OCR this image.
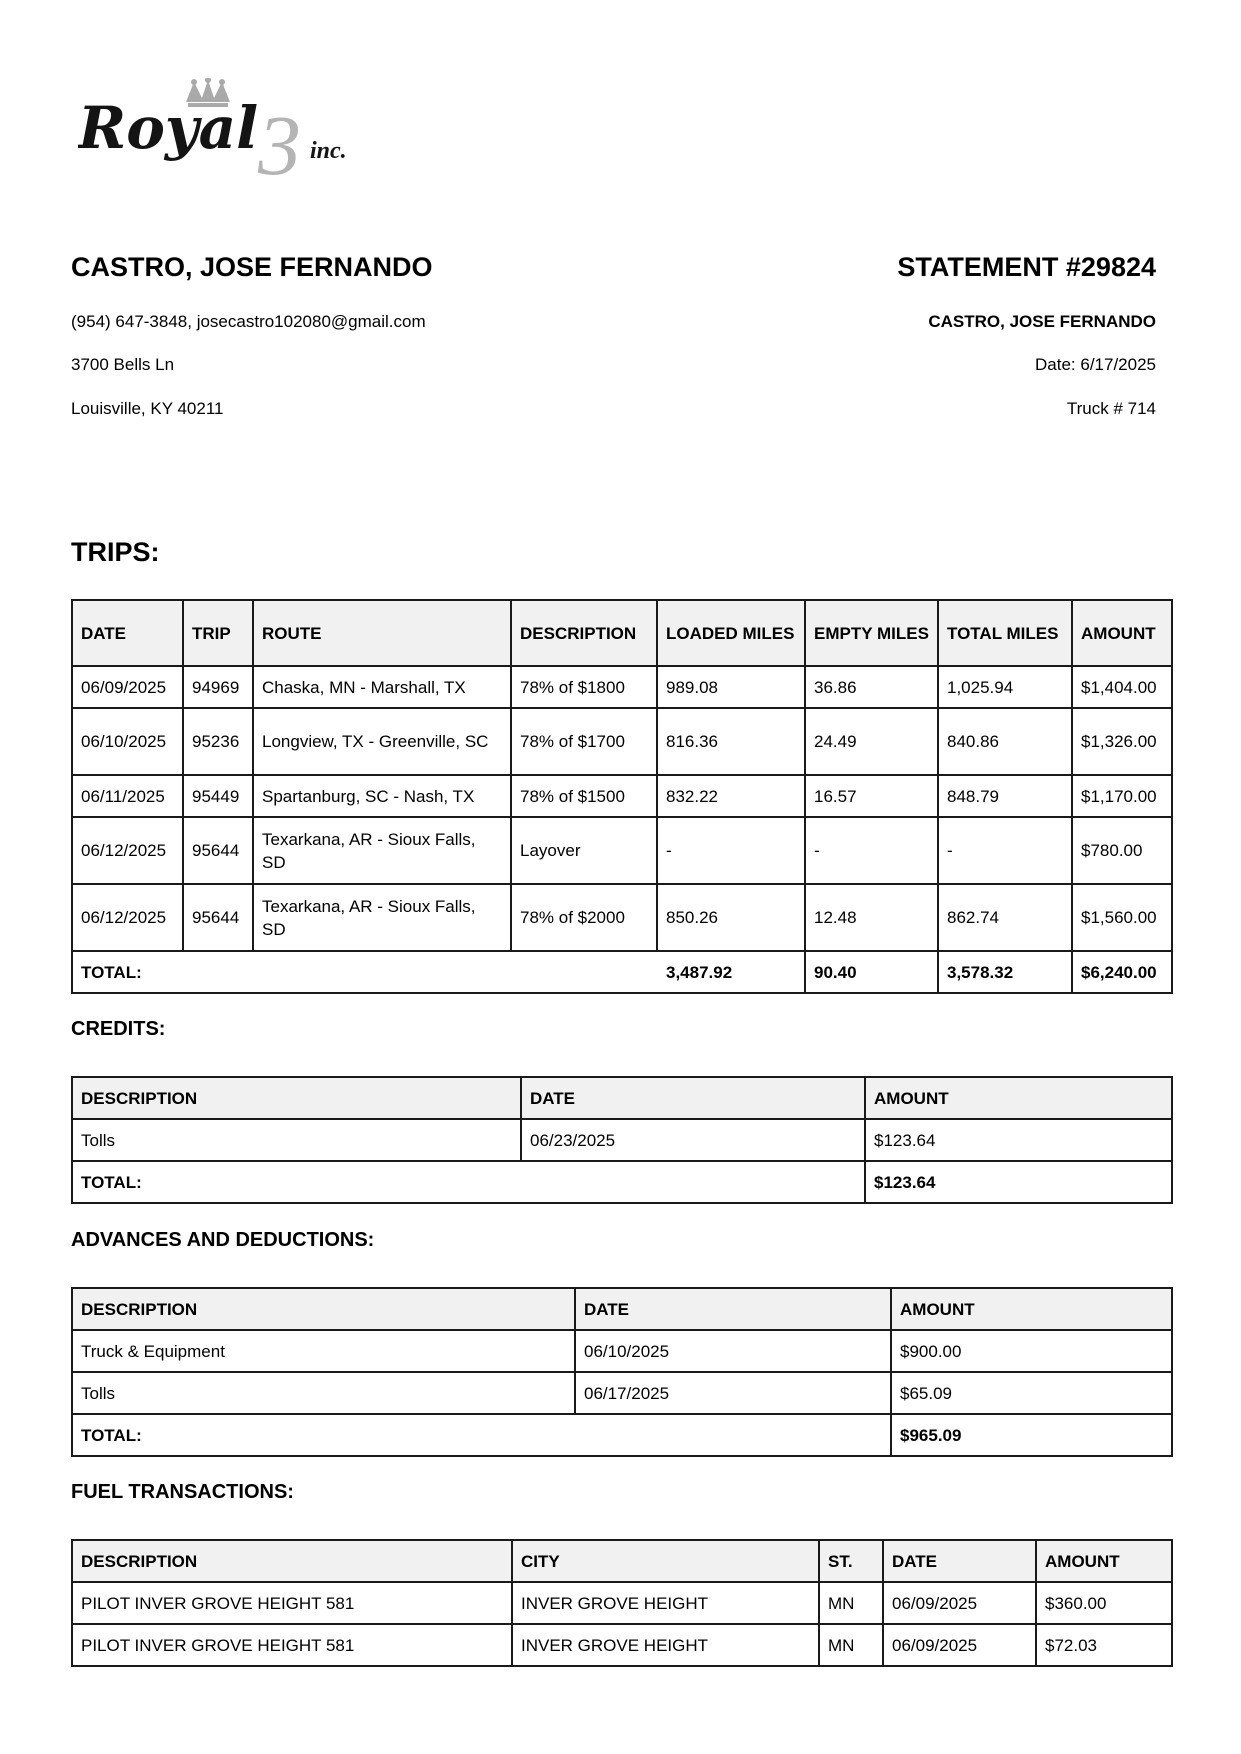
3
Royal inc.
CASTRO, JOSE FERNANDO
(954) 647-3848, josecastro102080@gmail.com
3700 Bells Ln
Louisville, KY 40211
STATEMENT #29824
CASTRO, JOSE FERNANDO
Date: 6/17/2025
Truck # 714
TRIPS:
DATE	TRIP	ROUTE	DESCRIPTION	LOADED MILES	EMPTY MILES	TOTAL MILES	AMOUNT
06/09/2025	94969	Chaska, MN - Marshall, TX	78% of $1800	989.08	36.86	1,025.94	$1,404.00
06/10/2025	95236	Longview, TX - Greenville, SC	78% of $1700	816.36	24.49	840.86	$1,326.00
06/11/2025	95449	Spartanburg, SC - Nash, TX	78% of $1500	832.22	16.57	848.79	$1,170.00
06/12/2025	95644	Texarkana, AR - Sioux Falls, SD	Layover	-	-	-	$780.00
06/12/2025	95644	Texarkana, AR - Sioux Falls, SD	78% of $2000	850.26	12.48	862.74	$1,560.00
TOTAL:				3,487.92	90.40	3,578.32	$6,240.00
CREDITS:
DESCRIPTION	DATE	AMOUNT
Tolls	06/23/2025	$123.64
TOTAL:		$123.64
ADVANCES AND DEDUCTIONS:
DESCRIPTION	DATE	AMOUNT
Truck & Equipment	06/10/2025	$900.00
Tolls	06/17/2025	$65.09
TOTAL:		$965.09
FUEL TRANSACTIONS:
DESCRIPTION	CITY	ST.	DATE	AMOUNT
PILOT INVER GROVE HEIGHT 581	INVER GROVE HEIGHT	MN	06/09/2025	$360.00
PILOT INVER GROVE HEIGHT 581	INVER GROVE HEIGHT	MN	06/09/2025	$72.03
